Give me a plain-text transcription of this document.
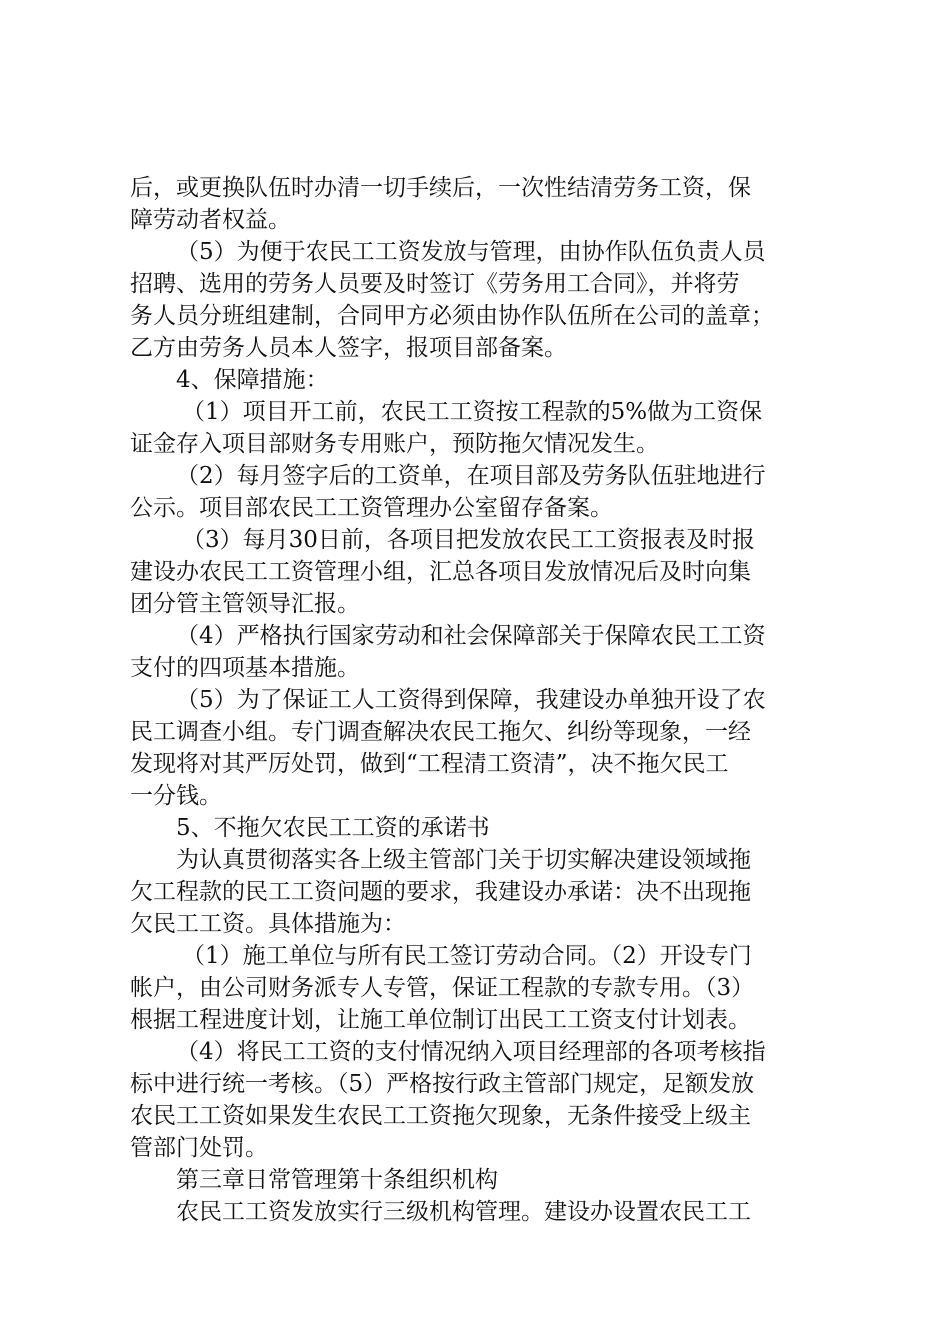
后，或更换队伍时办清一切手续后，一次性结清劳务工资，保
障劳动者权益。
（5）为便于农民工工资发放与管理，由协作队伍负责人员
招聘、选用的劳务人员要及时签订《劳务用工合同》，并将劳
务人员分班组建制，合同甲方必须由协作队伍所在公司的盖章；
乙方由劳务人员本人签字，报项目部备案。
4、保障措施：
（1）项目开工前，农民工工资按工程款的5%做为工资保
证金存入项目部财务专用账户，预防拖欠情况发生。
（2）每月签字后的工资单，在项目部及劳务队伍驻地进行
公示。项目部农民工工资管理办公室留存备案。
（3）每月30日前，各项目把发放农民工工资报表及时报
建设办农民工工资管理小组，汇总各项目发放情况后及时向集
团分管主管领导汇报。
（4）严格执行国家劳动和社会保障部关于保障农民工工资
支付的四项基本措施。
（5）为了保证工人工资得到保障，我建设办单独开设了农
民工调查小组。专门调查解决农民工拖欠、纠纷等现象，一经
发现将对其严厉处罚，做到“工程清工资清”，决不拖欠民工
一分钱。
5、不拖欠农民工工资的承诺书
为认真贯彻落实各上级主管部门关于切实解决建设领域拖
欠工程款的民工工资问题的要求，我建设办承诺：决不出现拖
欠民工工资。具体措施为：
（1）施工单位与所有民工签订劳动合同。（2）开设专门
帐户，由公司财务派专人专管，保证工程款的专款专用。（3）
根据工程进度计划，让施工单位制订出民工工资支付计划表。
（4）将民工工资的支付情况纳入项目经理部的各项考核指
标中进行统一考核。（5）严格按行政主管部门规定，足额发放
农民工工资如果发生农民工工资拖欠现象，无条件接受上级主
管部门处罚。
第三章日常管理第十条组织机构
农民工工资发放实行三级机构管理。建设办设置农民工工
